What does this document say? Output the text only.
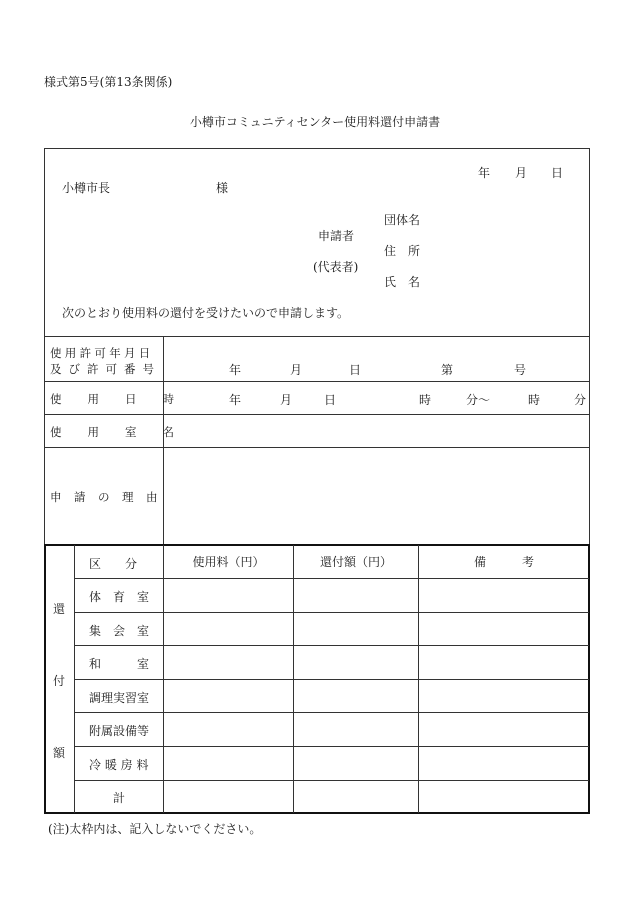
様式第5号(第13条関係)
小樽市コミュニティセンター使用料還付申請書
年 月 日
小樽市長	様
団体名
申請者
住　所
(代表者)
氏　名
次のとおり使用料の還付を受けたいので申請します。
使用許可年月日
及び許可番号	年	月	日	第	号
使用日時 年	月	日	時	分〜	時	分
使用室名
申請の理由
還
付
額
区　　分	使用料（円）	還付額（円）	備　　　考
体　育　室
集　会　室
和　　　室
調理実習室
附属設備等
冷 暖 房 料
計
(注)太枠内は、記入しないでください。
